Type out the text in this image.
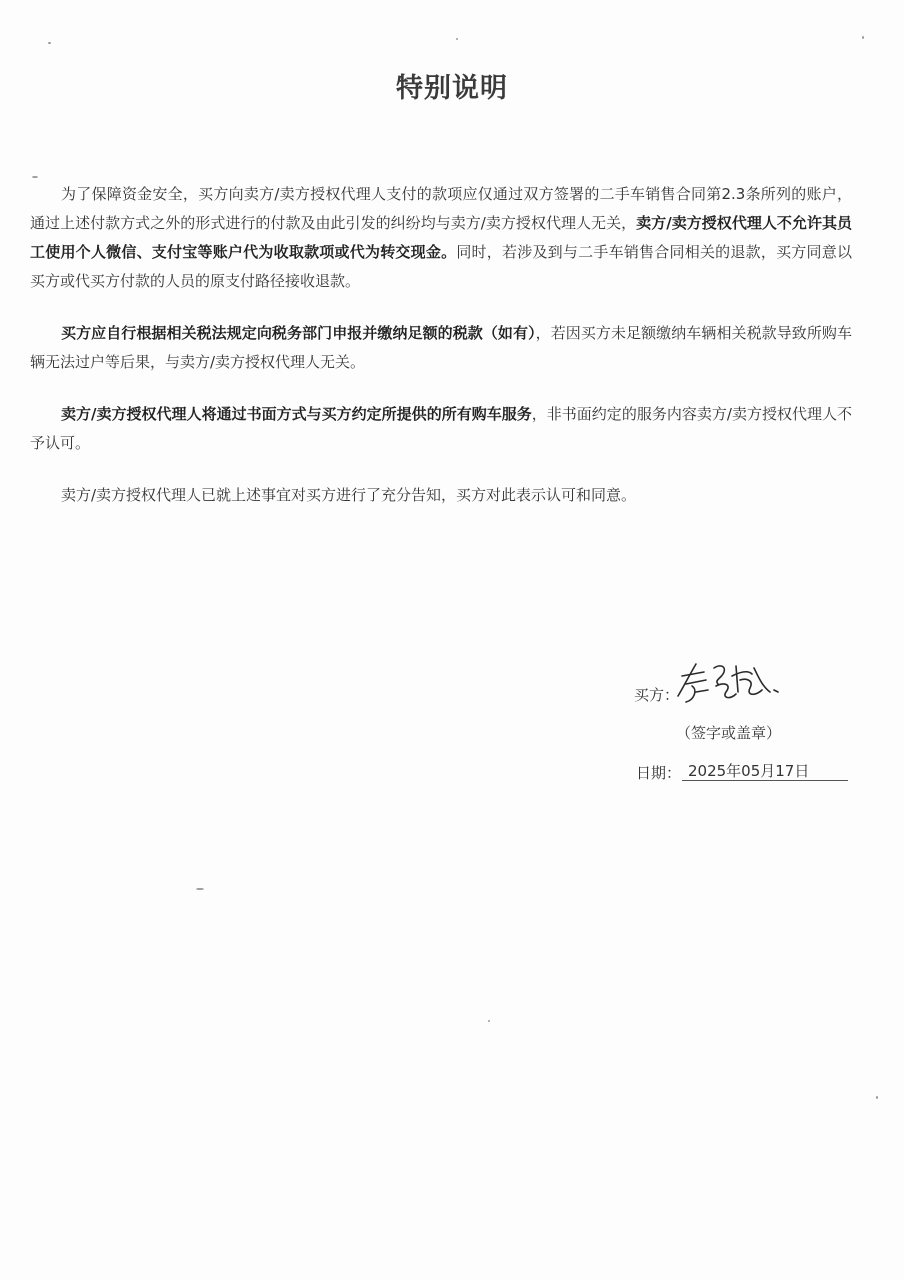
特别说明

为了保障资金安全，买方向卖方/卖方授权代理人支付的款项应仅通过双方签署的二手车销售合同第2.3条所列的账户，通过上述付款方式之外的形式进行的付款及由此引发的纠纷均与卖方/卖方授权代理人无关，卖方/卖方授权代理人不允许其员工使用个人微信、支付宝等账户代为收取款项或代为转交现金。同时，若涉及到与二手车销售合同相关的退款，买方同意以买方或代买方付款的人员的原支付路径接收退款。

买方应自行根据相关税法规定向税务部门申报并缴纳足额的税款（如有），若因买方未足额缴纳车辆相关税款导致所购车辆无法过户等后果，与卖方/卖方授权代理人无关。

卖方/卖方授权代理人将通过书面方式与买方约定所提供的所有购车服务，非书面约定的服务内容卖方/卖方授权代理人不予认可。

卖方/卖方授权代理人已就上述事宜对买方进行了充分告知，买方对此表示认可和同意。

买方：
（签字或盖章）
日期： 2025年05月17日
